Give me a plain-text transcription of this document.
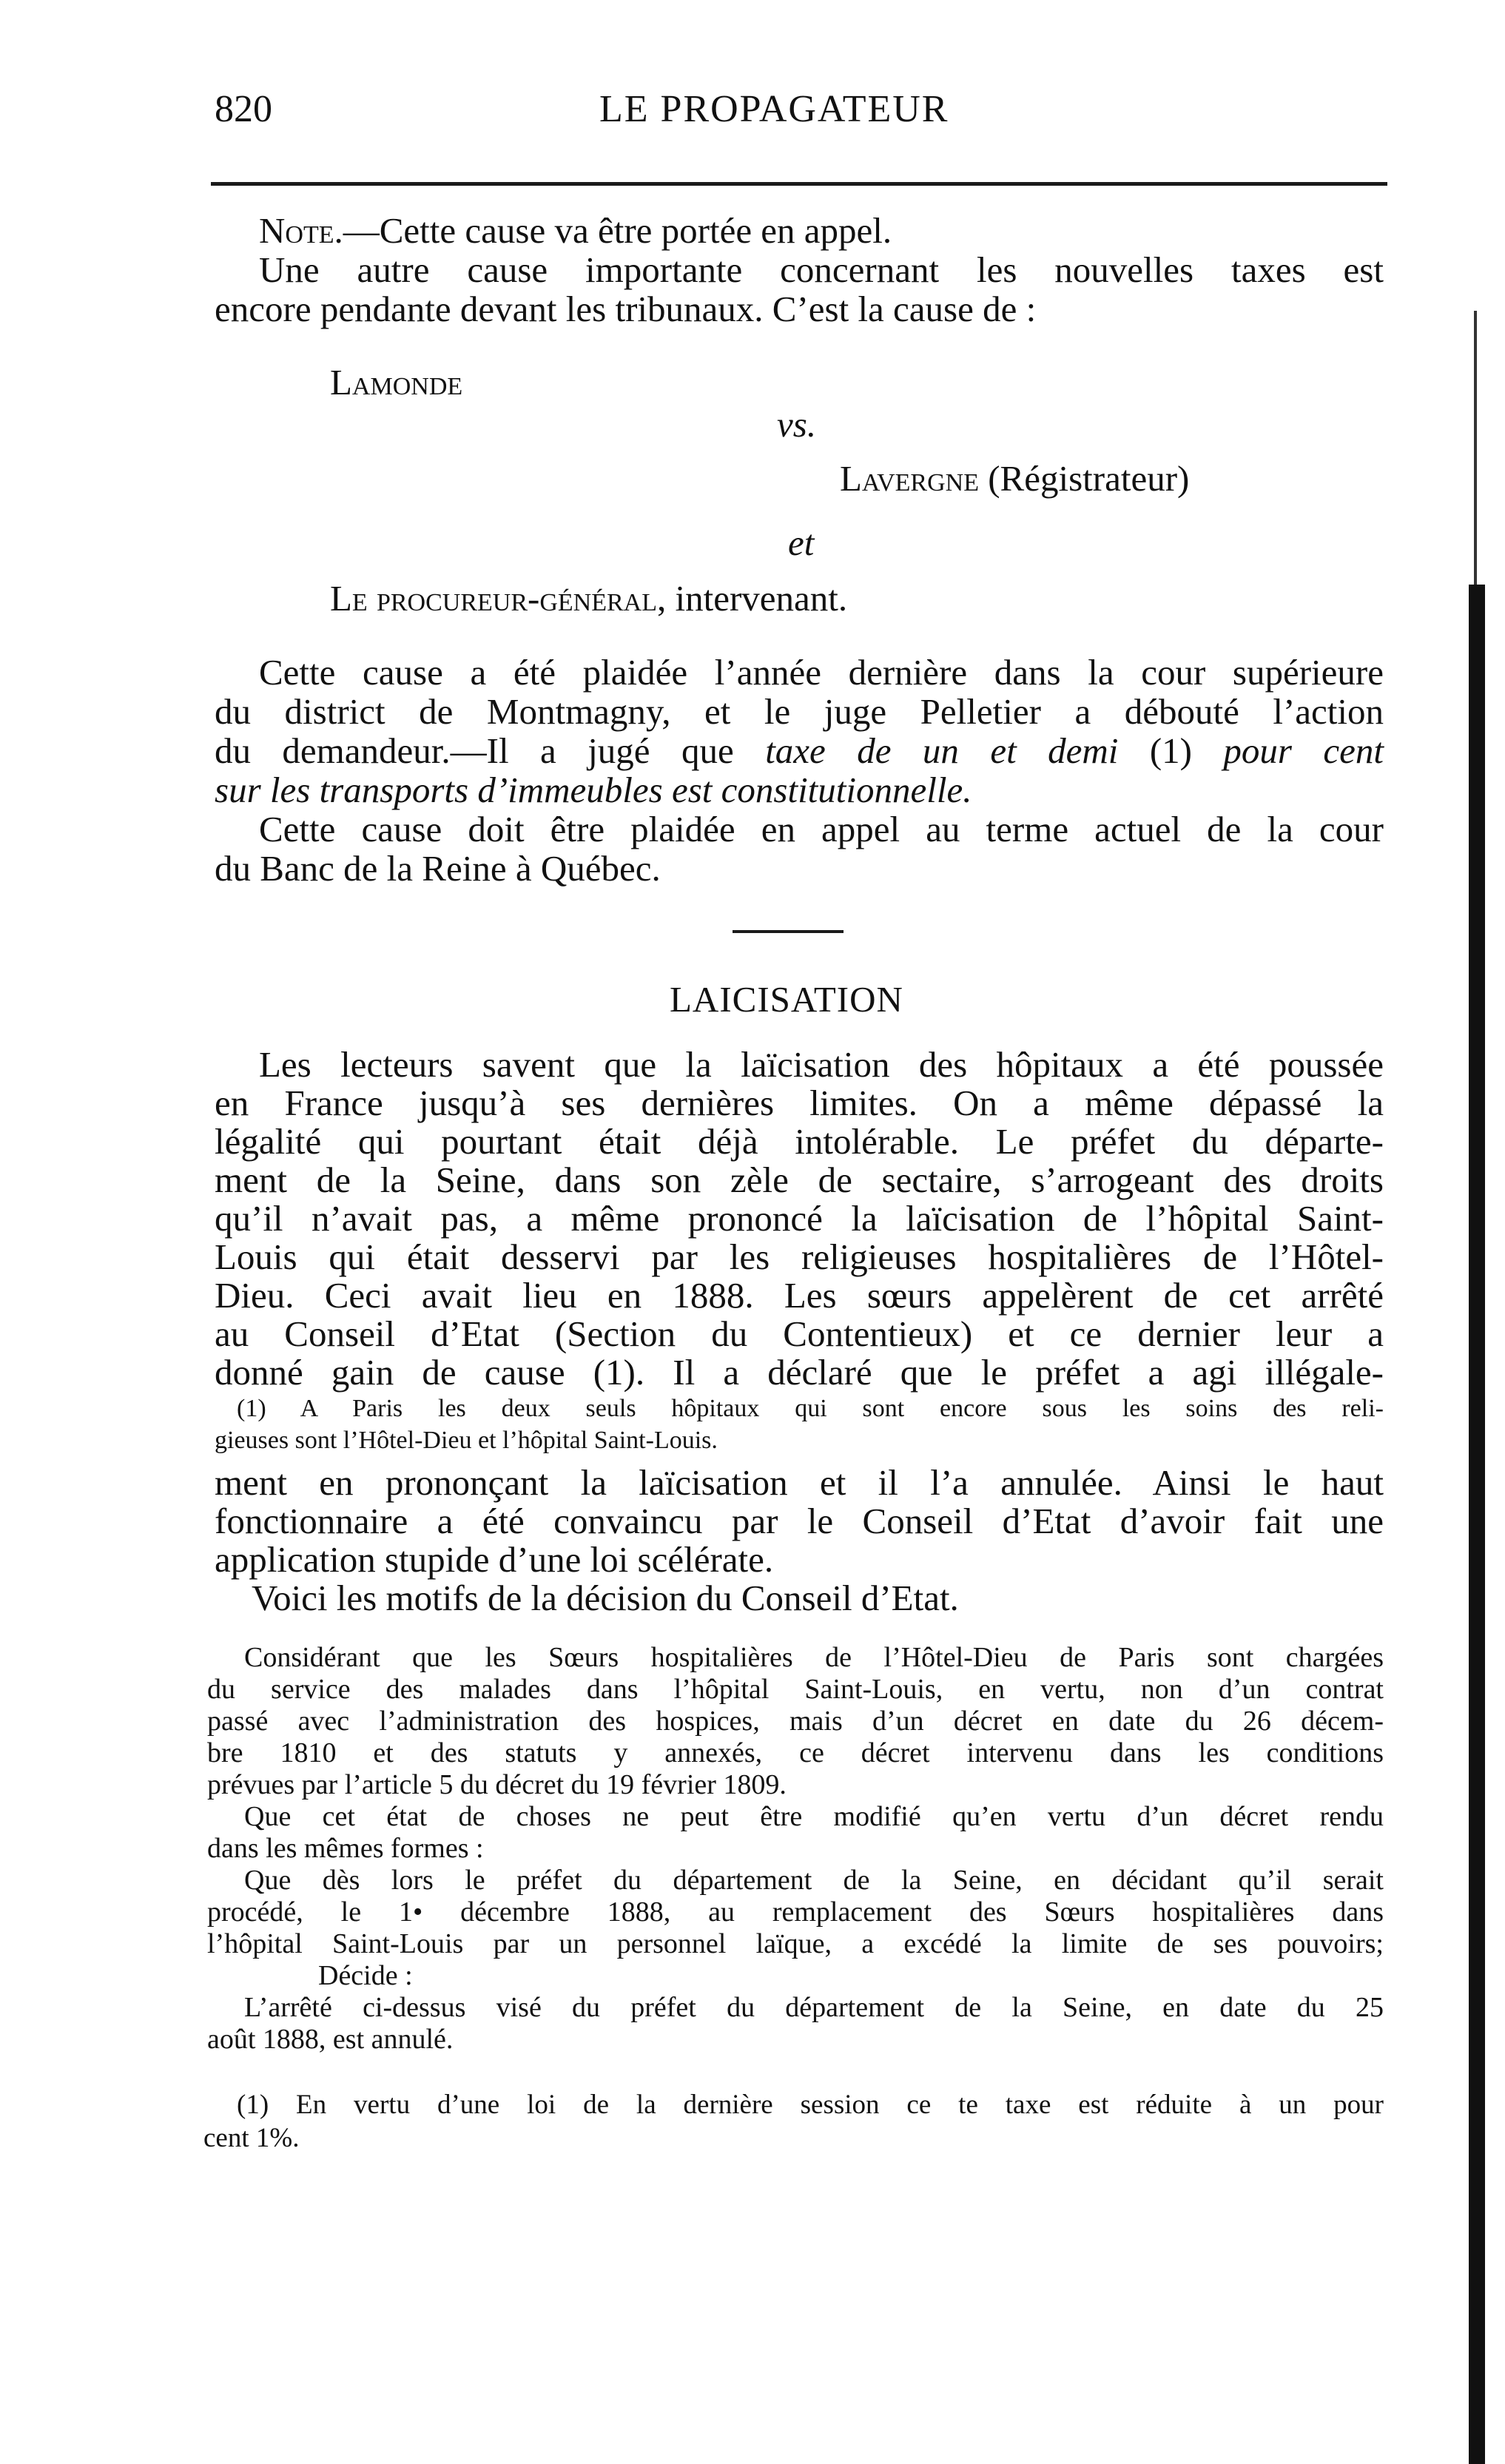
820	LE PROPAGATEUR
Note.—Cette cause va être portée en appel.
Une autre cause importante concernant les nouvelles taxes est
encore pendante devant les tribunaux. C’est la cause de :
Lamonde
vs.
Lavergne (Régistrateur)
et
Le procureur-général, intervenant.
Cette cause a été plaidée l’année dernière dans la cour supérieure
du district de Montmagny, et le juge Pelletier a débouté l’action
du demandeur.—Il a jugé que taxe de un et demi (1) pour cent
sur les transports d’immeubles est constitutionnelle.
Cette cause doit être plaidée en appel au terme actuel de la cour
du Banc de la Reine à Québec.
LAICISATION
Les lecteurs savent que la laïcisation des hôpitaux a été poussée
en France jusqu’à ses dernières limites. On a même dépassé la
légalité qui pourtant était déjà intolérable. Le préfet du départe-
ment de la Seine, dans son zèle de sectaire, s’arrogeant des droits
qu’il n’avait pas, a même prononcé la laïcisation de l’hôpital Saint-
Louis qui était desservi par les religieuses hospitalières de l’Hôtel-
Dieu. Ceci avait lieu en 1888. Les sœurs appelèrent de cet arrêté
au Conseil d’Etat (Section du Contentieux) et ce dernier leur a
donné gain de cause (1). Il a déclaré que le préfet a agi illégale-
(1) A Paris les deux seuls hôpitaux qui sont encore sous les soins des reli-
gieuses sont l’Hôtel-Dieu et l’hôpital Saint-Louis.
ment en prononçant la laïcisation et il l’a annulée. Ainsi le haut
fonctionnaire a été convaincu par le Conseil d’Etat d’avoir fait une
application stupide d’une loi scélérate.
Voici les motifs de la décision du Conseil d’Etat.
Considérant que les Sœurs hospitalières de l’Hôtel-Dieu de Paris sont chargées
du service des malades dans l’hôpital Saint-Louis, en vertu, non d’un contrat
passé avec l’administration des hospices, mais d’un décret en date du 26 décem-
bre 1810 et des statuts y annexés, ce décret intervenu dans les conditions
prévues par l’article 5 du décret du 19 février 1809.
Que cet état de choses ne peut être modifié qu’en vertu d’un décret rendu
dans les mêmes formes :
Que dès lors le préfet du département de la Seine, en décidant qu’il serait
procédé, le 1• décembre 1888, au remplacement des Sœurs hospitalières dans
l’hôpital Saint-Louis par un personnel laïque, a excédé la limite de ses pouvoirs;
Décide :
L’arrêté ci-dessus visé du préfet du département de la Seine, en date du 25
août 1888, est annulé.
(1) En vertu d’une loi de la dernière session ce te taxe est réduite à un pour
cent 1%.
